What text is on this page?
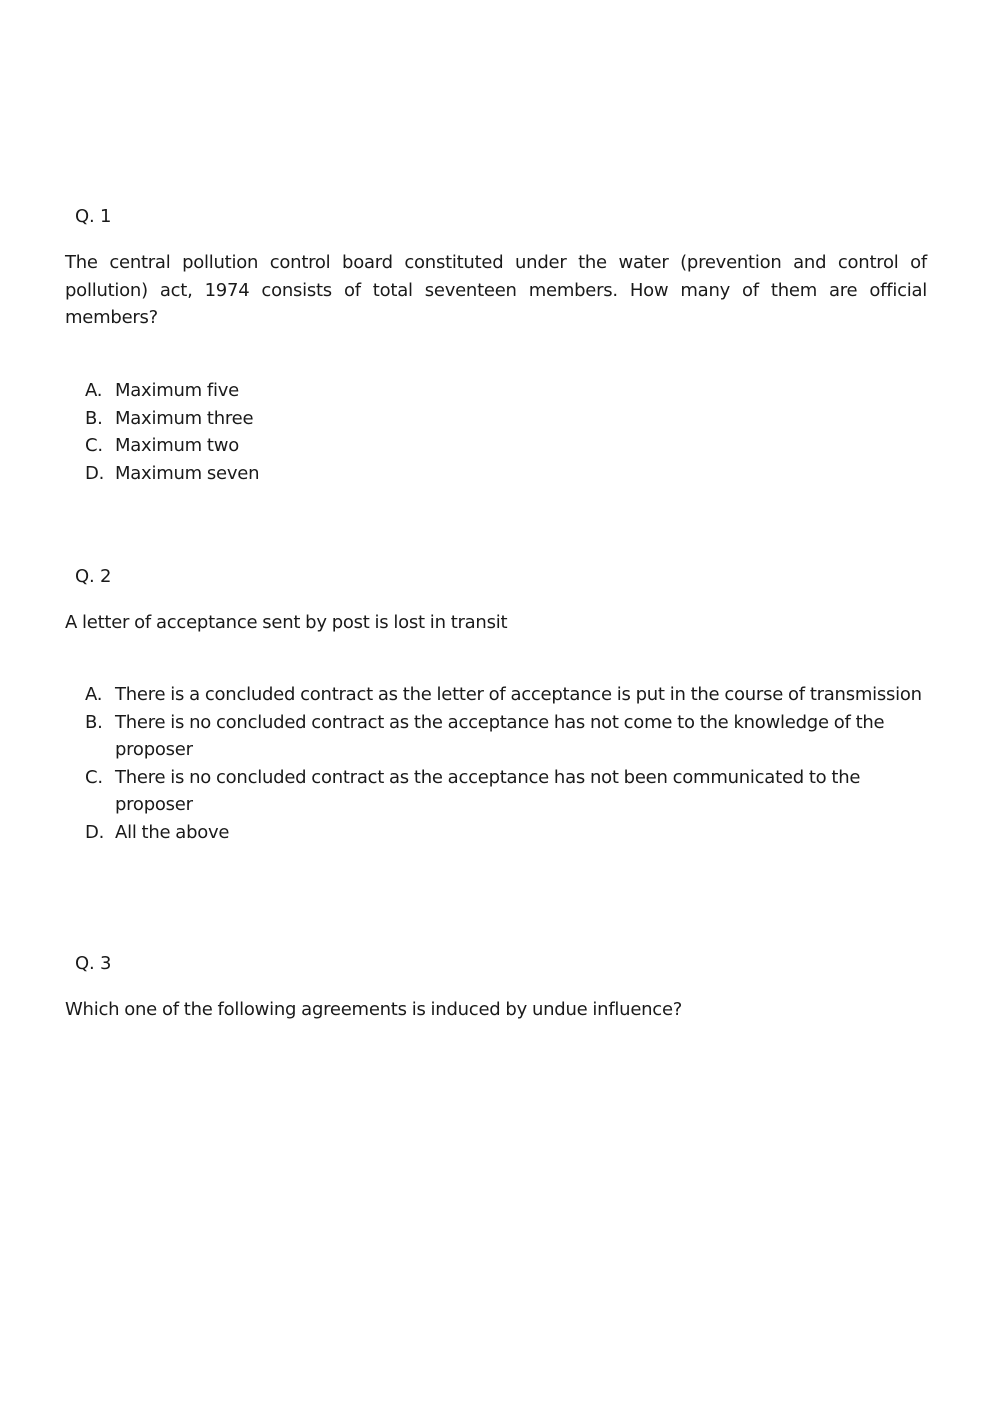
Q. 1
The central pollution control board constituted under the water (prevention and control of pollution) act, 1974 consists of total seventeen members. How many of them are official members?
A. Maximum five
B. Maximum three
C. Maximum two
D. Maximum seven
Q. 2
A letter of acceptance sent by post is lost in transit
A. There is a concluded contract as the letter of acceptance is put in the course of transmission
B. There is no concluded contract as the acceptance has not come to the knowledge of the proposer
C. There is no concluded contract as the acceptance has not been communicated to the proposer
D. All the above
Q. 3
Which one of the following agreements is induced by undue influence?
